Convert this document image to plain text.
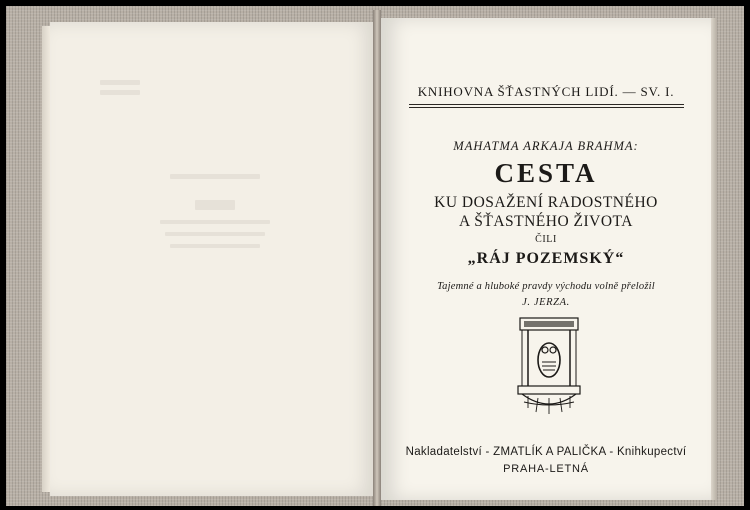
KNIHOVNA ŠŤASTNÝCH LIDÍ. — SV. I.
MAHATMA ARKAJA BRAHMA:
CESTA
KU DOSAŽENÍ RADOSTNÉHO
A ŠŤASTNÉHO ŽIVOTA
ČILI
„RÁJ POZEMSKÝ“
Tajemné a hluboké pravdy východu volně přeložil
J. JERZA.
Nakladatelství - ZMATLÍK A PALIČKA - Knihkupectví
PRAHA-LETNÁ
